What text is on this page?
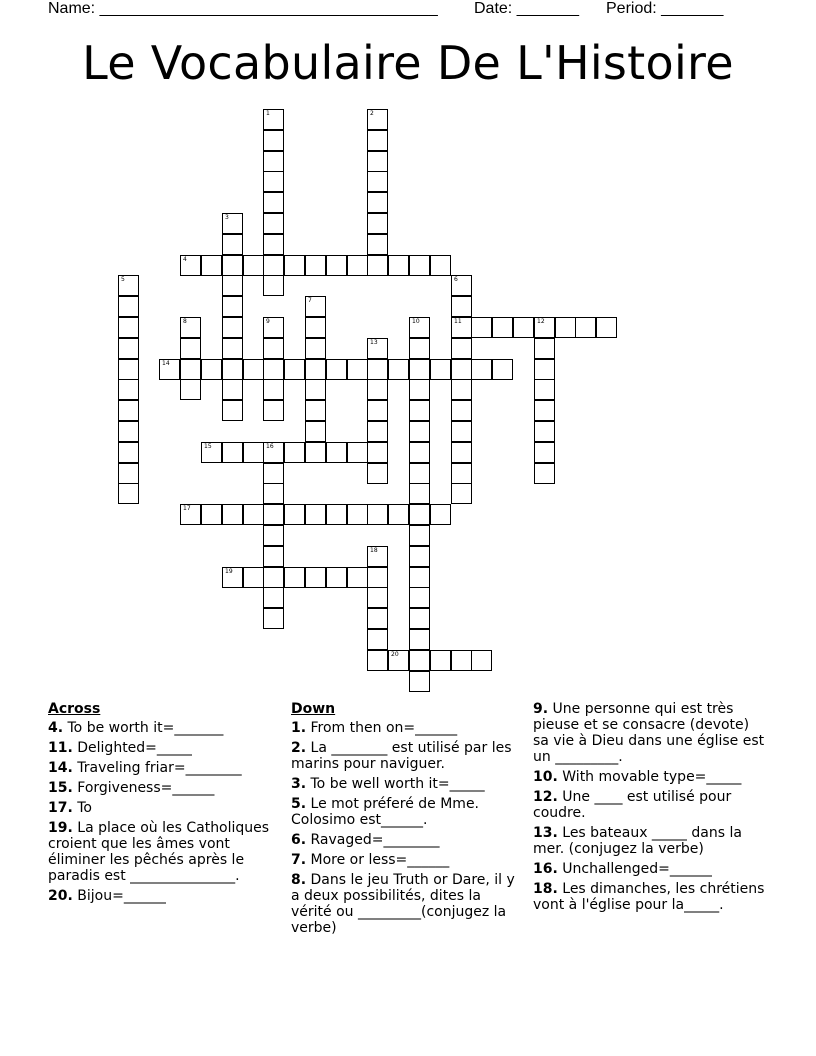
Name: ______________________________________ Date: _______ Period: _______
Le Vocabulaire De L'Histoire
1	2
3
4
5	6
11
7
8	9	10	12
13
14
15	16
17
18
19
20
Across
4. To be worth it=_______
11. Delighted=_____
14. Traveling friar=________
15. Forgiveness=______
17. To
19. La place où les Catholiques croient que les âmes vont éliminer les pêchés après le paradis est _______________.
20. Bijou=______
Down
1. From then on=______
2. La ________ est utilisé par les marins pour naviguer.
3. To be well worth it=_____
5. Le mot préferé de Mme. Colosimo est______.
6. Ravaged=________
7. More or less=______
8. Dans le jeu Truth or Dare, il y a deux possibilités, dites la vérité ou _________(conjugez la verbe)
9. Une personne qui est très pieuse et se consacre (devote) sa vie à Dieu dans une église est un _________.
10. With movable type=_____
12. Une ____ est utilisé pour coudre.
13. Les bateaux _____ dans la mer. (conjugez la verbe)
16. Unchallenged=______
18. Les dimanches, les chrétiens vont à l'église pour la_____.
